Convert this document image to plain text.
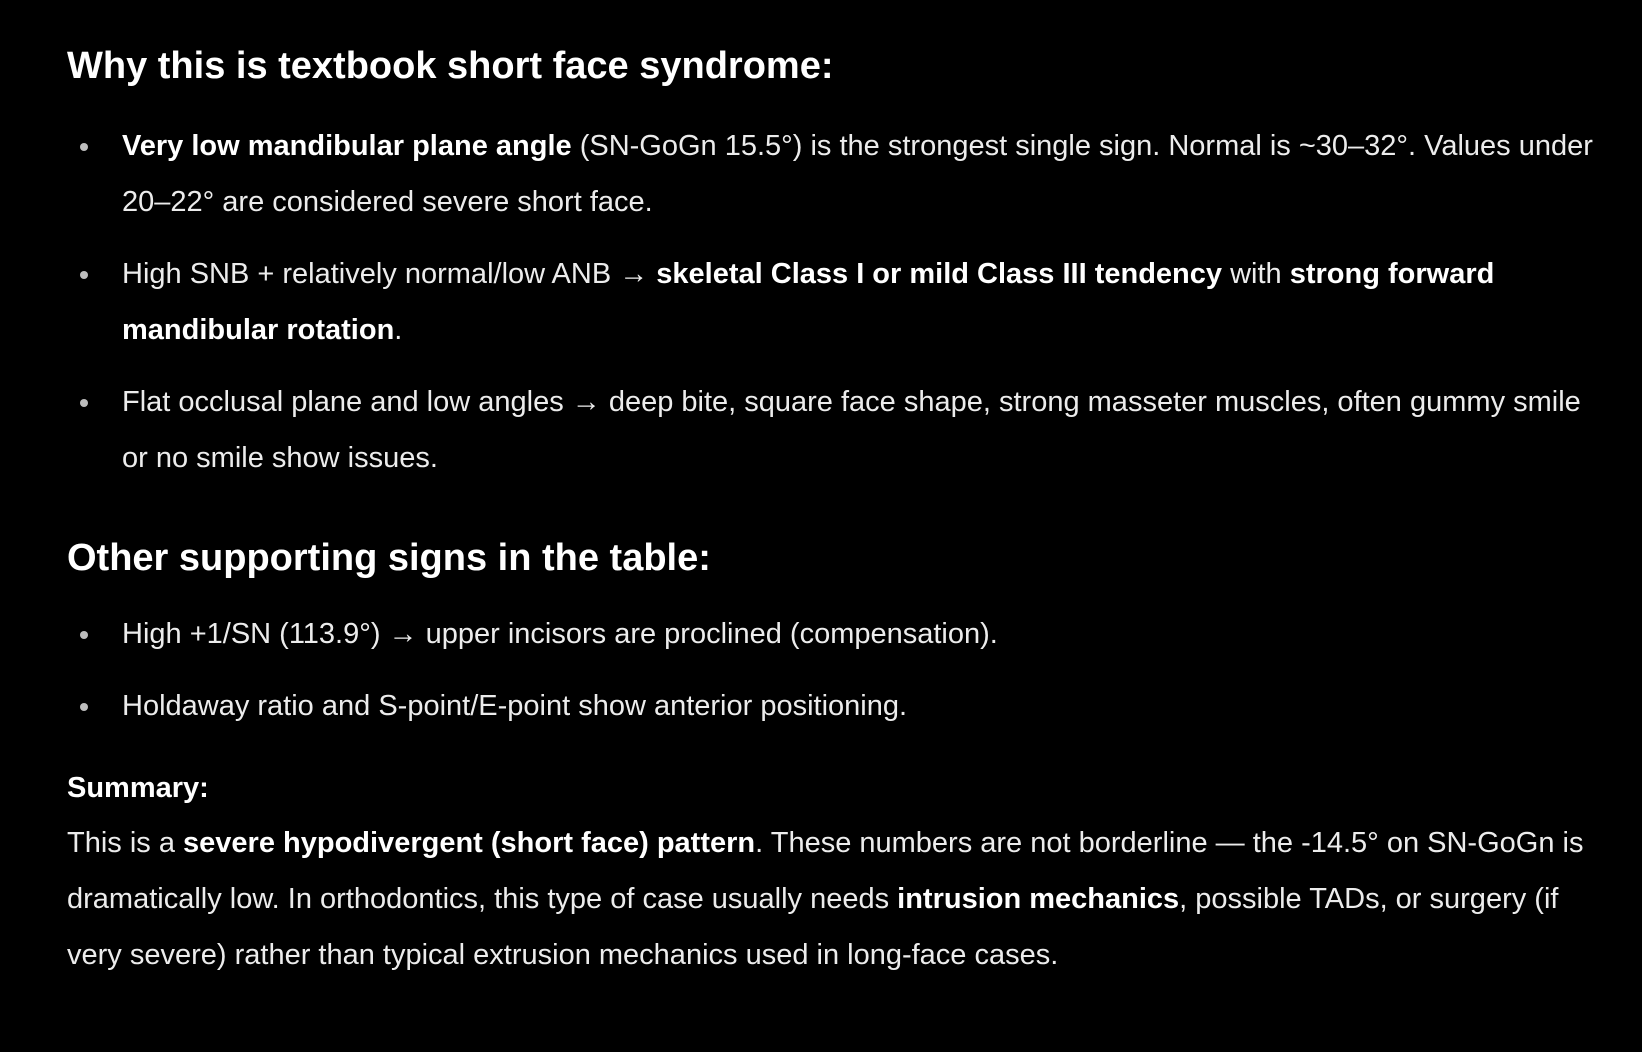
Why this is textbook short face syndrome:
Very low mandibular plane angle (SN-GoGn 15.5°) is the strongest single sign. Normal is ~30–32°. Values under 20–22° are considered severe short face.
High SNB + relatively normal/low ANB → skeletal Class I or mild Class III tendency with strong forward mandibular rotation.
Flat occlusal plane and low angles → deep bite, square face shape, strong masseter muscles, often gummy smile or no smile show issues.
Other supporting signs in the table:
High +1/SN (113.9°) → upper incisors are proclined (compensation).
Holdaway ratio and S-point/E-point show anterior positioning.
Summary:
This is a severe hypodivergent (short face) pattern. These numbers are not borderline — the -14.5° on SN-GoGn is dramatically low. In orthodontics, this type of case usually needs intrusion mechanics, possible TADs, or surgery (if very severe) rather than typical extrusion mechanics used in long-face cases.
